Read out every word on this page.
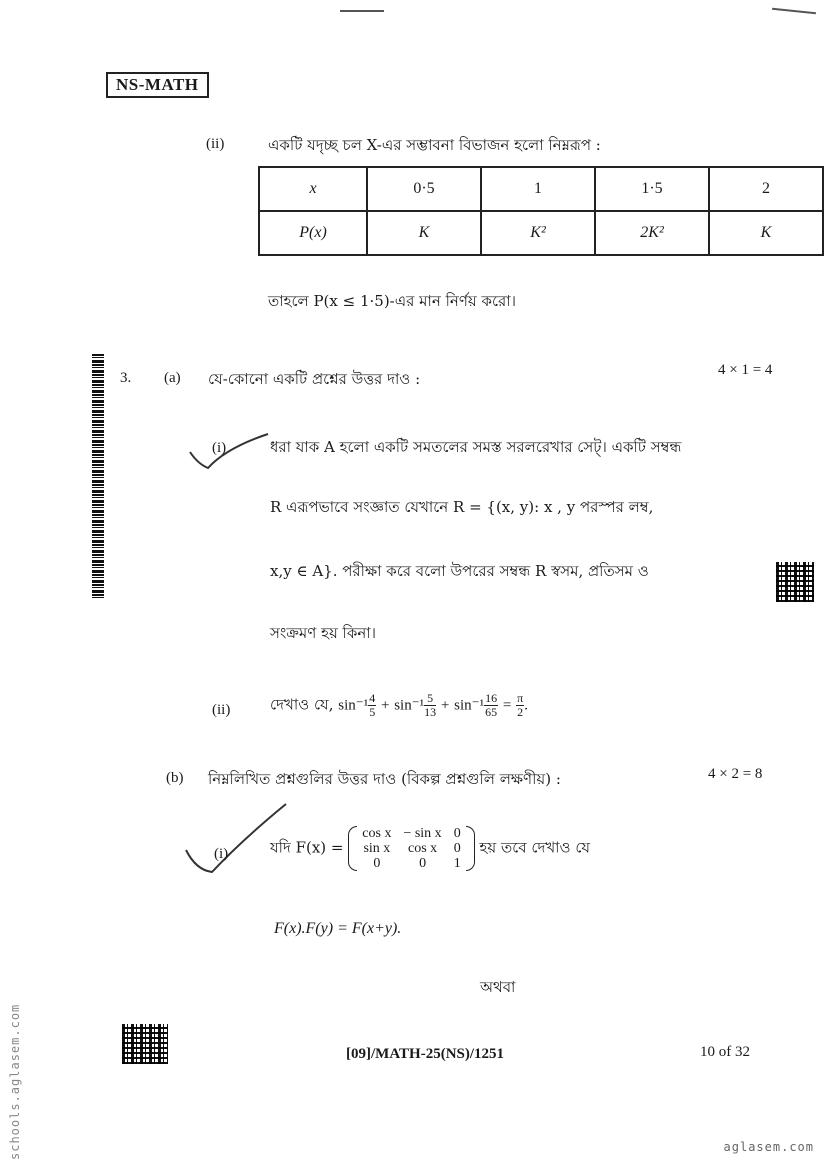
NS-MATH
(ii)	একটি যদৃচ্ছ চল X-এর সম্ভাবনা বিভাজন হলো নিম্নরূপ :
x	0·5	1	1·5	2
P(x)	K	K²	2K²	K
তাহলে P(x ≤ 1·5)-এর মান নির্ণয় করো।
3. (a) যে-কোনো একটি প্রশ্নের উত্তর দাও :	4 × 1 = 4
(i)	ধরা যাক A হলো একটি সমতলের সমস্ত সরলরেখার সেট্। একটি সম্বন্ধ
R এরূপভাবে সংজ্ঞাত যেখানে R = {(x, y): x , y পরস্পর লম্ব,
x,y ∈ A}. পরীক্ষা করে বলো উপরের সম্বন্ধ R স্বসম, প্রতিসম ও
সংক্রমণ হয় কিনা।
(ii)	দেখাও যে, $\sin^{-1} \frac{4}{5} + \sin^{-1} \frac{5}{13} + \sin^{-1} \frac{16}{65} = \frac{\pi}{2}$ .
(b) নিম্নলিখিত প্রশ্নগুলির উত্তর দাও (বিকল্প প্রশ্নগুলি লক্ষণীয়) :	4 × 2 = 8
(i)	যদি F(x) =
cos x	− sin x	0
sin x	cos x	0
0	0	1
হয় তবে দেখাও যে
F(x).F(y) = F(x+y).
অথবা
[09]/MATH-25(NS)/1251	10 of 32
schools.aglasem.com	aglasem.com
